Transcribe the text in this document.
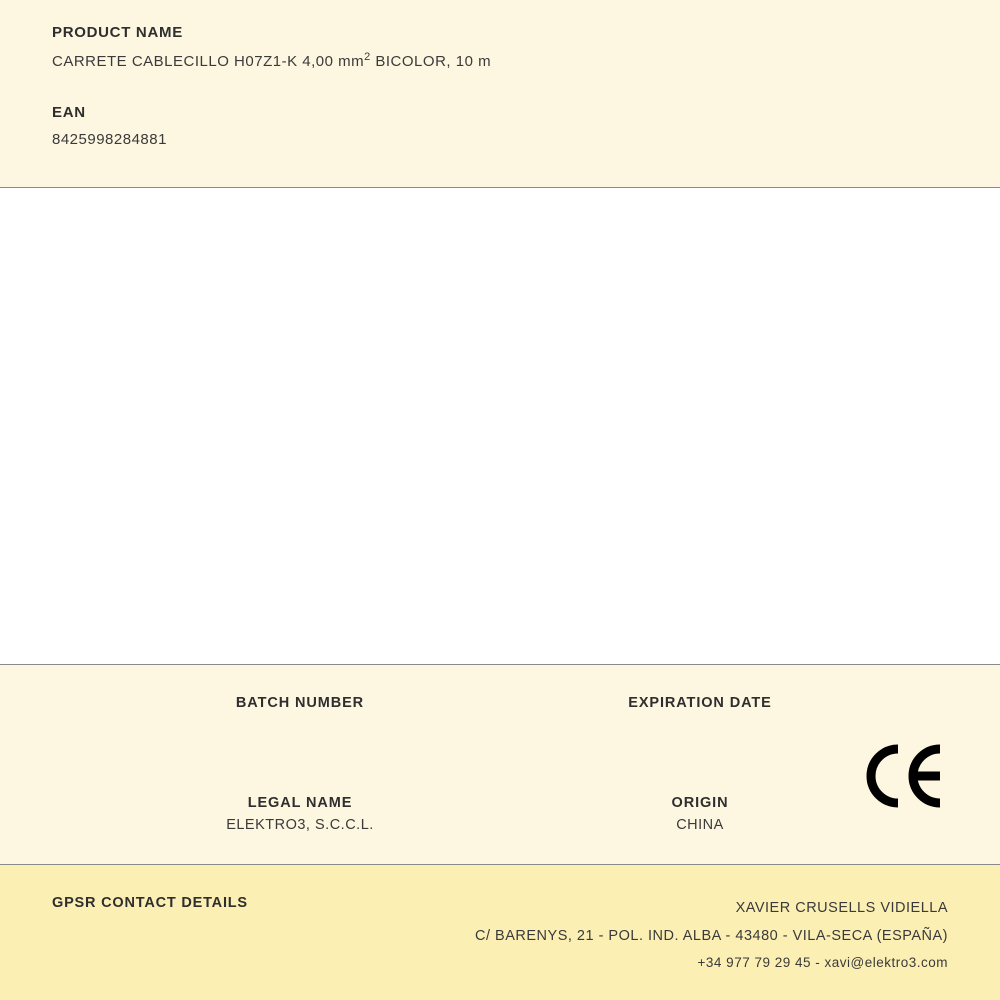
PRODUCT NAME

CARRETE CABLECILLO H07Z1-K 4,00 $mm^2$ BICOLOR, 10 m

EAN

8425998284881

BATCH NUMBER	EXPIRATION DATE

LEGAL NAME

ELEKTRO3, S.C.C.L.

ORIGIN

CHINA

GPSR CONTACT DETAILS	XAVIER CRUSELLS VIDIELLA
C/ BARENYS, 21 - POL. IND. ALBA - 43480 - VILA-SECA (ESPAÑA)
+34 977 79 29 45 - xavi@elektro3.com
